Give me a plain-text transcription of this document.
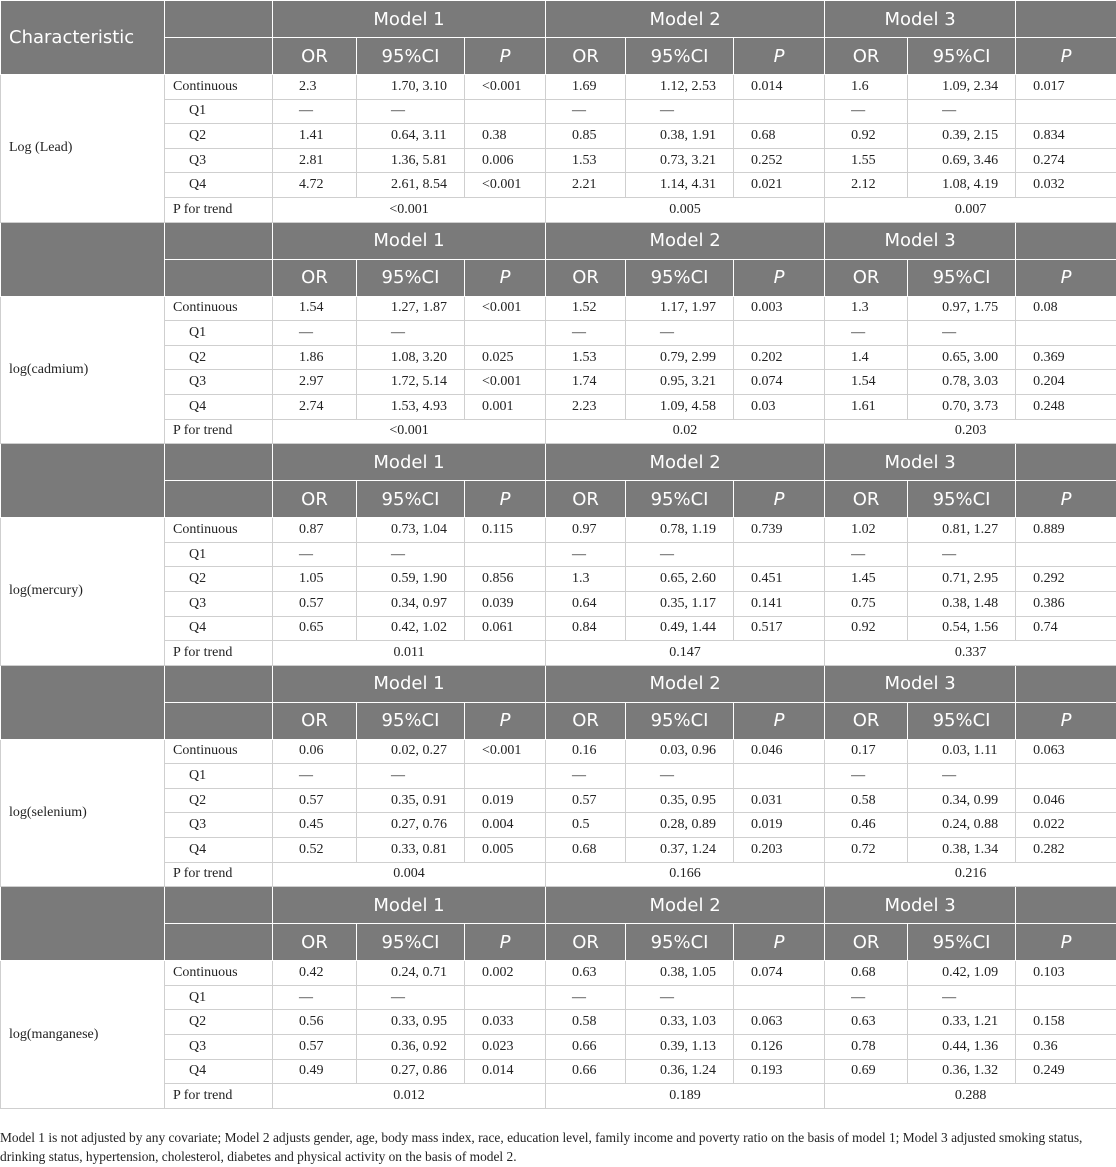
Characteristic		Model 1			Model 2			Model 3		
		OR	95%CI	P	OR	95%CI	P	OR	95%CI	P
Log (Lead)	Continuous	2.3	1.70, 3.10	<0.001	1.69	1.12, 2.53	0.014	1.6	1.09, 2.34	0.017
	Q1	—	—		—	—		—	—	
	Q2	1.41	0.64, 3.11	0.38	0.85	0.38, 1.91	0.68	0.92	0.39, 2.15	0.834
	Q3	2.81	1.36, 5.81	0.006	1.53	0.73, 3.21	0.252	1.55	0.69, 3.46	0.274
	Q4	4.72	2.61, 8.54	<0.001	2.21	1.14, 4.31	0.021	2.12	1.08, 4.19	0.032
	P for trend	<0.001			0.005			0.007		
		Model 1			Model 2			Model 3		
		OR	95%CI	P	OR	95%CI	P	OR	95%CI	P
log(cadmium)	Continuous	1.54	1.27, 1.87	<0.001	1.52	1.17, 1.97	0.003	1.3	0.97, 1.75	0.08
	Q1	—	—		—	—		—	—	
	Q2	1.86	1.08, 3.20	0.025	1.53	0.79, 2.99	0.202	1.4	0.65, 3.00	0.369
	Q3	2.97	1.72, 5.14	<0.001	1.74	0.95, 3.21	0.074	1.54	0.78, 3.03	0.204
	Q4	2.74	1.53, 4.93	0.001	2.23	1.09, 4.58	0.03	1.61	0.70, 3.73	0.248
	P for trend	<0.001			0.02			0.203		
		Model 1			Model 2			Model 3		
		OR	95%CI	P	OR	95%CI	P	OR	95%CI	P
log(mercury)	Continuous	0.87	0.73, 1.04	0.115	0.97	0.78, 1.19	0.739	1.02	0.81, 1.27	0.889
	Q1	—	—		—	—		—	—	
	Q2	1.05	0.59, 1.90	0.856	1.3	0.65, 2.60	0.451	1.45	0.71, 2.95	0.292
	Q3	0.57	0.34, 0.97	0.039	0.64	0.35, 1.17	0.141	0.75	0.38, 1.48	0.386
	Q4	0.65	0.42, 1.02	0.061	0.84	0.49, 1.44	0.517	0.92	0.54, 1.56	0.74
	P for trend	0.011			0.147			0.337		
		Model 1			Model 2			Model 3		
		OR	95%CI	P	OR	95%CI	P	OR	95%CI	P
log(selenium)	Continuous	0.06	0.02, 0.27	<0.001	0.16	0.03, 0.96	0.046	0.17	0.03, 1.11	0.063
	Q1	—	—		—	—		—	—	
	Q2	0.57	0.35, 0.91	0.019	0.57	0.35, 0.95	0.031	0.58	0.34, 0.99	0.046
	Q3	0.45	0.27, 0.76	0.004	0.5	0.28, 0.89	0.019	0.46	0.24, 0.88	0.022
	Q4	0.52	0.33, 0.81	0.005	0.68	0.37, 1.24	0.203	0.72	0.38, 1.34	0.282
	P for trend	0.004			0.166			0.216		
		Model 1			Model 2			Model 3		
		OR	95%CI	P	OR	95%CI	P	OR	95%CI	P
log(manganese)	Continuous	0.42	0.24, 0.71	0.002	0.63	0.38, 1.05	0.074	0.68	0.42, 1.09	0.103
	Q1	—	—		—	—		—	—	
	Q2	0.56	0.33, 0.95	0.033	0.58	0.33, 1.03	0.063	0.63	0.33, 1.21	0.158
	Q3	0.57	0.36, 0.92	0.023	0.66	0.39, 1.13	0.126	0.78	0.44, 1.36	0.36
	Q4	0.49	0.27, 0.86	0.014	0.66	0.36, 1.24	0.193	0.69	0.36, 1.32	0.249
	P for trend	0.012			0.189			0.288		
Model 1 is not adjusted by any covariate; Model 2 adjusts gender, age, body mass index, race, education level, family income and poverty ratio on the basis of model 1; Model 3 adjusted smoking status, drinking status, hypertension, cholesterol, diabetes and physical activity on the basis of model 2.
